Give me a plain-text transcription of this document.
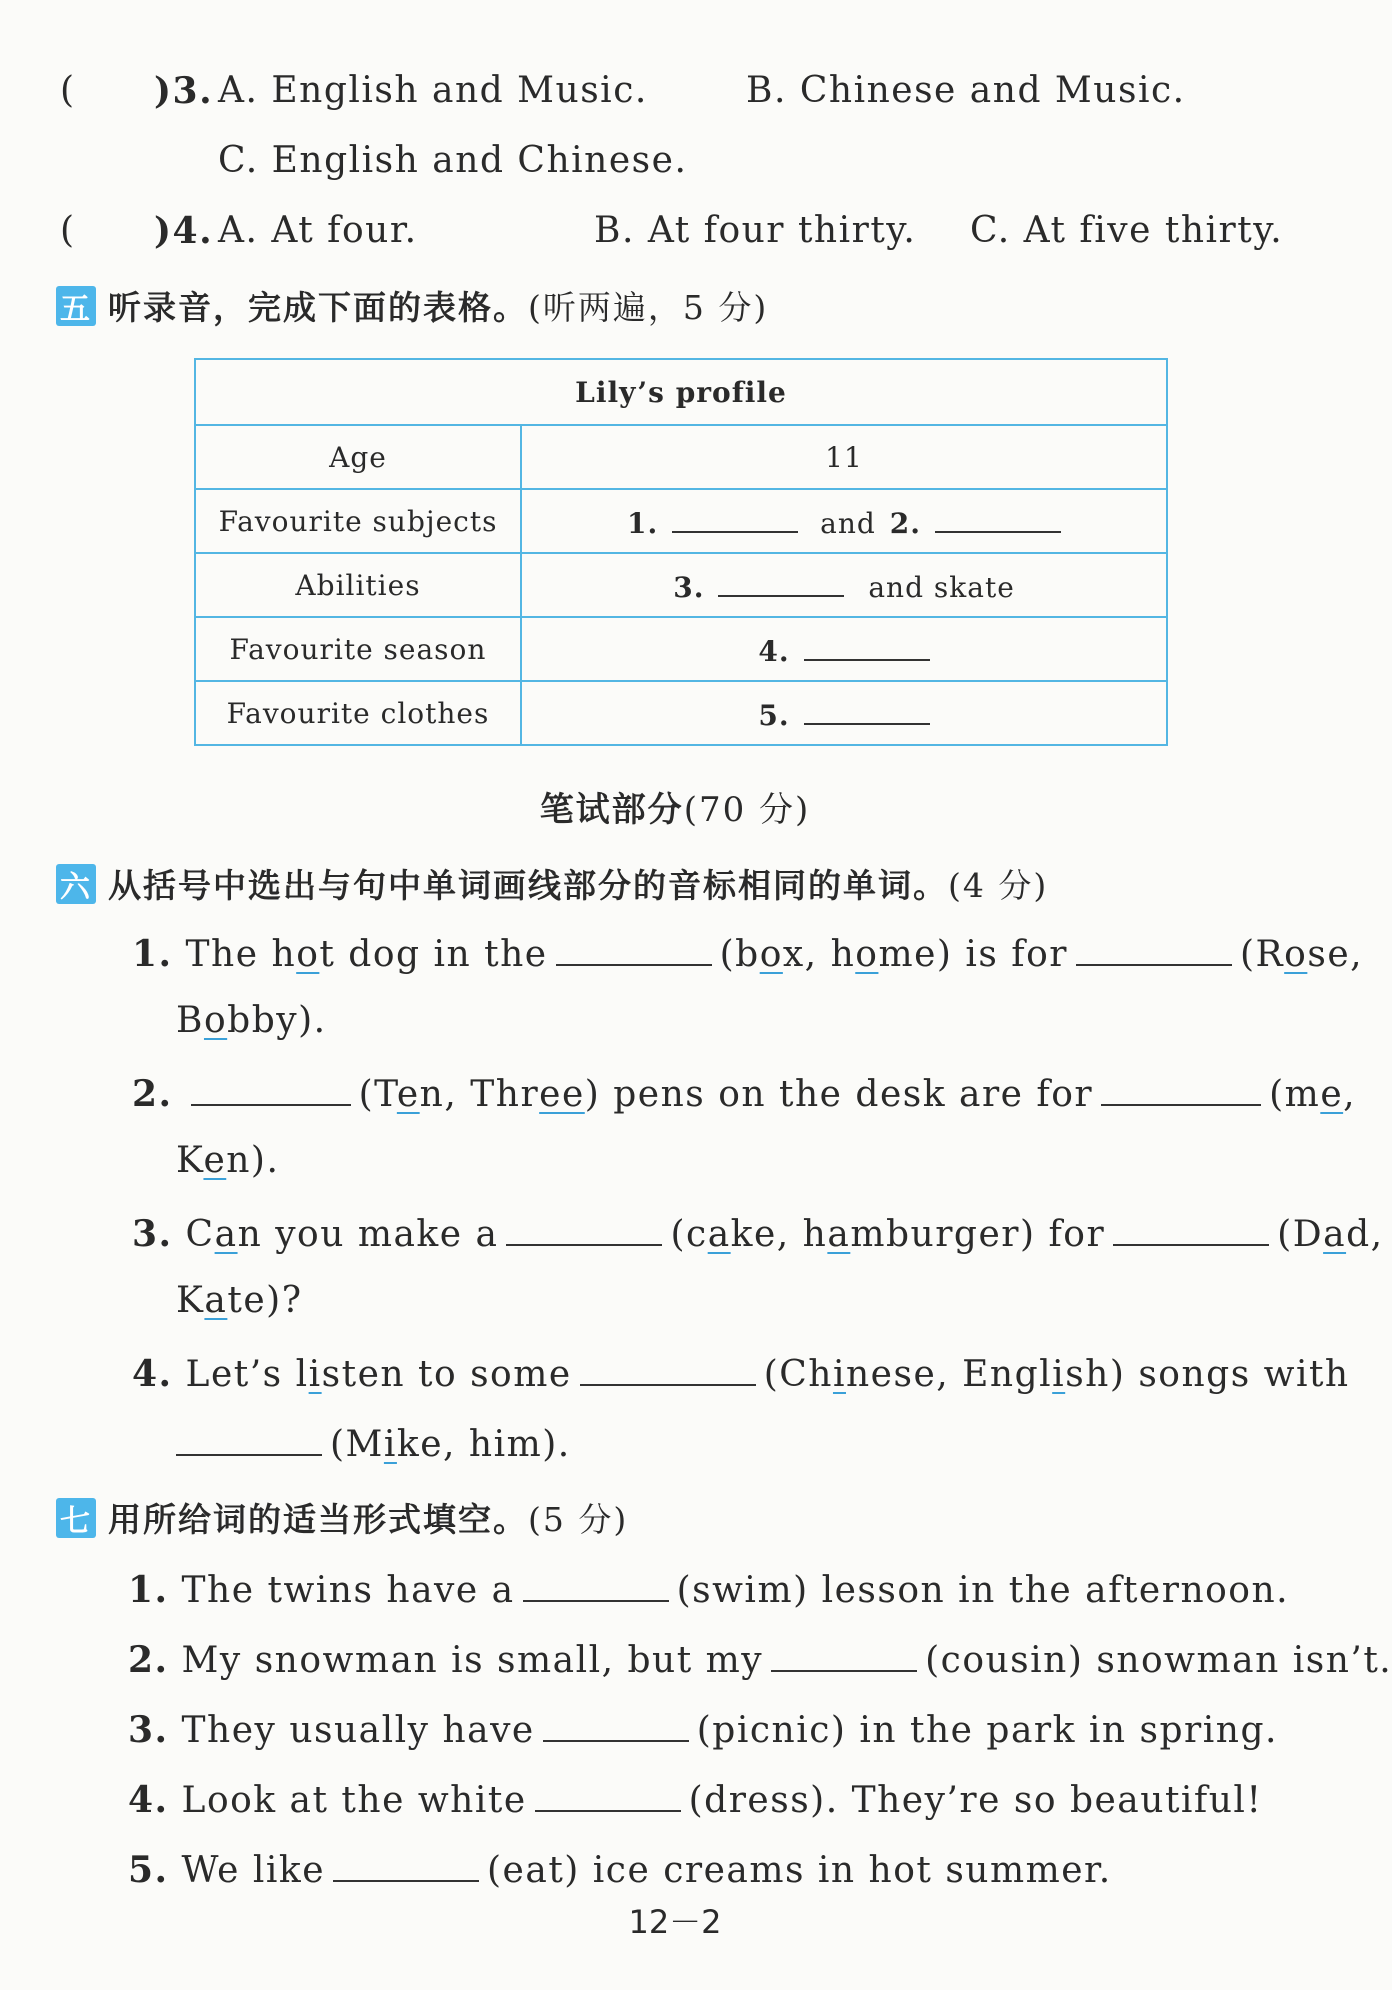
( )3. A. English and Music.	B. Chinese and Music.
C. English and Chinese.
( )4. A. At four.	B. At four thirty. C. At five thirty.
五 听录音，完成下面的表格。 (听两遍，5 分)
Lily’s profile	
Age	11
Favourite subjects	1. and 2.
Abilities	3. and skate
Favourite season	4.
Favourite clothes	5.
笔试部分(70 分)
六 从括号中选出与句中单词画线部分的音标相同的单词。 (4 分)
1. The hot dog in the	(box, home) is for	(Rose,
Bobby).
2.	(Ten, Three) pens on the desk are for	(me,
Ken).
3. Can you make a	(cake, hamburger) for	(Dad,
Kate)?
4. Let’s listen to some	(Chinese, English) songs with
(Mike, him).
七 用所给词的适当形式填空。 (5 分)
1. The twins have a	(swim) lesson in the afternoon.
2. My snowman is small, but my	(cousin) snowman isn’t.
3. They usually have	(picnic) in the park in spring.
4. Look at the white	(dress). They’re so beautiful!
5. We like	(eat) ice creams in hot summer.
12－2
